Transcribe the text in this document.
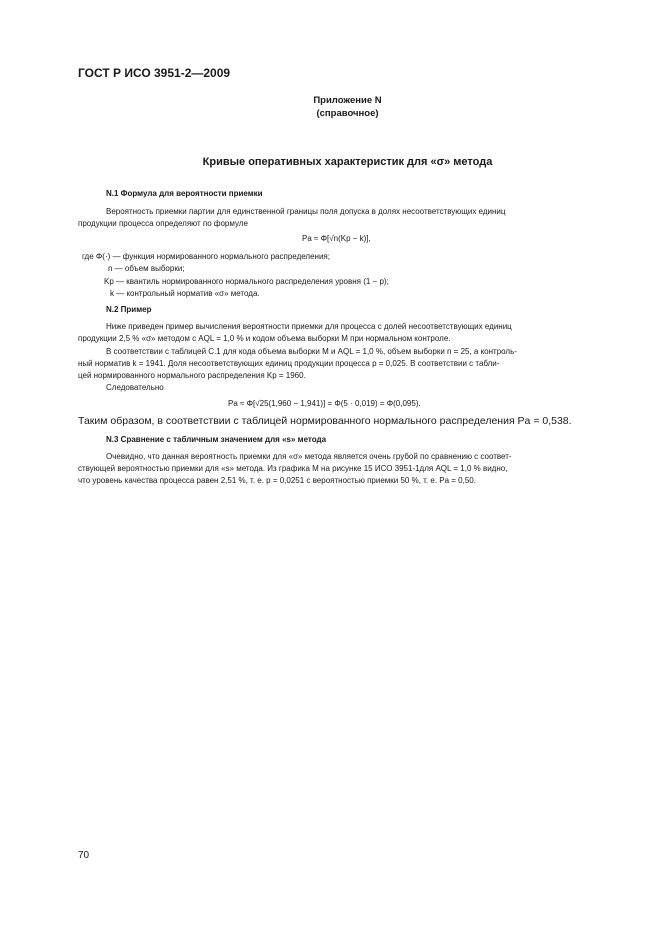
ГОСТ Р ИСО 3951-2—2009
Приложение N
(справочное)
Кривые оперативных характеристик для «σ» метода
N.1 Формула для вероятности приемки
Вероятность приемки партии для единственной границы поля допуска в долях несоответствующих единиц
продукции процесса определяют по формуле
Pa ≈ Φ[√n(Kp − k)],
где Φ(·) — функция нормированного нормального распределения;
n — объем выборки;
Kp — квантиль нормированного нормального распределения уровня (1 − p);
k — контрольный норматив «σ» метода.
N.2 Пример
Ниже приведен пример вычисления вероятности приемки для процесса с долей несоответствующих единиц
продукции 2,5 % «σ» методом с AQL = 1,0 % и кодом объема выборки М при нормальном контроле.
В соответствии с таблицей С.1 для кода объема выборки М и AQL = 1,0 %, объем выборки n = 25, а контроль-
ный норматив k = 1941. Доля несоответствующих единиц продукции процесса p = 0,025. В соответствии с табли-
цей нормированного нормального распределения Kp = 1960.
Следовательно
Pa ≈ Φ[√25(1,960 − 1,941)] = Φ(5 · 0,019) = Φ(0,095).
Таким образом, в соответствии с таблицей нормированного нормального распределения Pa = 0,538.
N.3 Сравнение с табличным значением для «s» метода
Очевидно, что данная вероятность приемки для «σ» метода является очень грубой по сравнению с соответ-
ствующей вероятностью приемки для «s» метода. Из графика М на рисунке 15 ИСО 3951-1для AQL = 1,0 % видно,
что уровень качества процесса равен 2,51 %, т. е. p = 0,0251 с вероятностью приемки 50 %, т. е. Pa = 0,50.
70
